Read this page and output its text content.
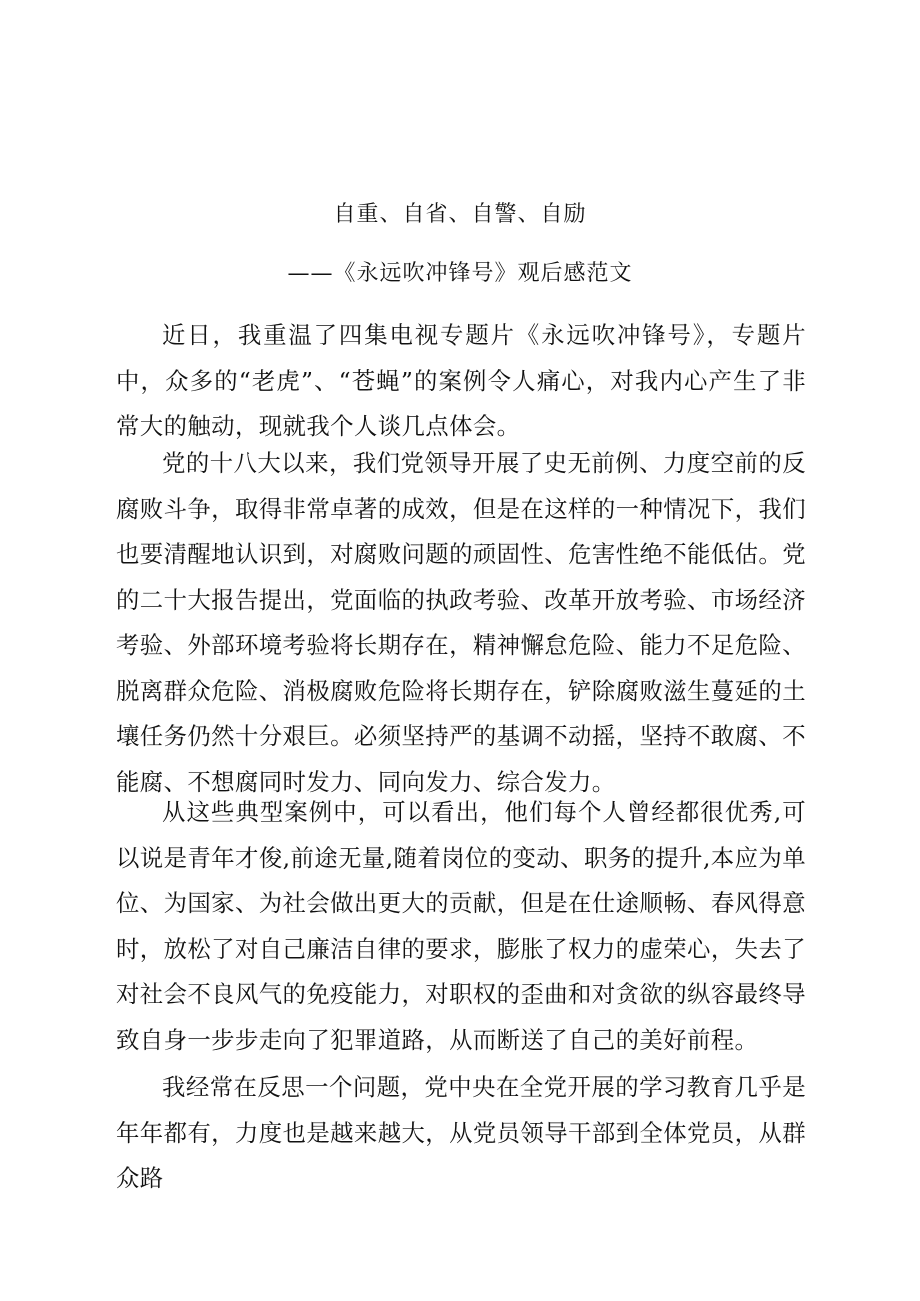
自重、自省、自警、自励
——《永远吹冲锋号》观后感范文

近日，我重温了四集电视专题片《永远吹冲锋号》，专题片中，众多的“老虎”、“苍蝇”的案例令人痛心，对我内心产生了非常大的触动，现就我个人谈几点体会。

党的十八大以来，我们党领导开展了史无前例、力度空前的反腐败斗争，取得非常卓著的成效，但是在这样的一种情况下，我们也要清醒地认识到，对腐败问题的顽固性、危害性绝不能低估。党的二十大报告提出，党面临的执政考验、改革开放考验、市场经济考验、外部环境考验将长期存在，精神懈怠危险、能力不足危险、脱离群众危险、消极腐败危险将长期存在，铲除腐败滋生蔓延的土壤任务仍然十分艰巨。必须坚持严的基调不动摇，坚持不敢腐、不能腐、不想腐同时发力、同向发力、综合发力。

从这些典型案例中，可以看出，他们每个人曾经都很优秀,可以说是青年才俊,前途无量,随着岗位的变动、职务的提升,本应为单位、为国家、为社会做出更大的贡献，但是在仕途顺畅、春风得意时，放松了对自己廉洁自律的要求，膨胀了权力的虚荣心，失去了对社会不良风气的免疫能力，对职权的歪曲和对贪欲的纵容最终导致自身一步步走向了犯罪道路，从而断送了自己的美好前程。

我经常在反思一个问题，党中央在全党开展的学习教育几乎是年年都有，力度也是越来越大，从党员领导干部到全体党员，从群众路
